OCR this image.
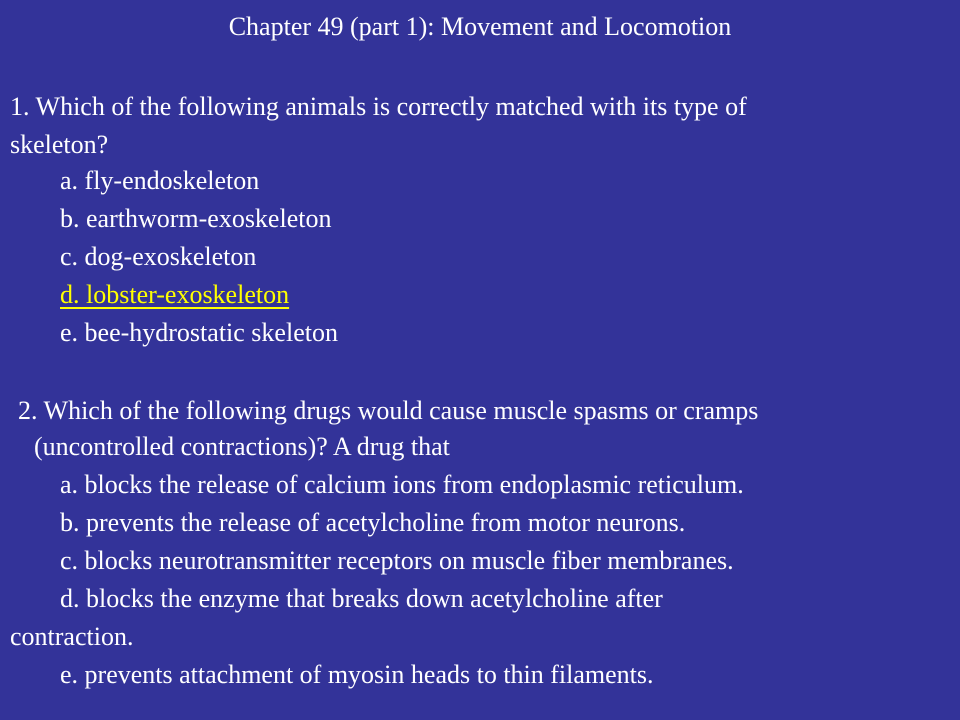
Chapter 49 (part 1): Movement and Locomotion
1. Which of the following animals is correctly matched with its type of
skeleton?
a. fly-endoskeleton
b. earthworm-exoskeleton
c. dog-exoskeleton
d. lobster-exoskeleton
e. bee-hydrostatic skeleton
2. Which of the following drugs would cause muscle spasms or cramps
(uncontrolled contractions)? A drug that
a. blocks the release of calcium ions from endoplasmic reticulum.
b. prevents the release of acetylcholine from motor neurons.
c. blocks neurotransmitter receptors on muscle fiber membranes.
d. blocks the enzyme that breaks down acetylcholine after
contraction.
e. prevents attachment of myosin heads to thin filaments.
